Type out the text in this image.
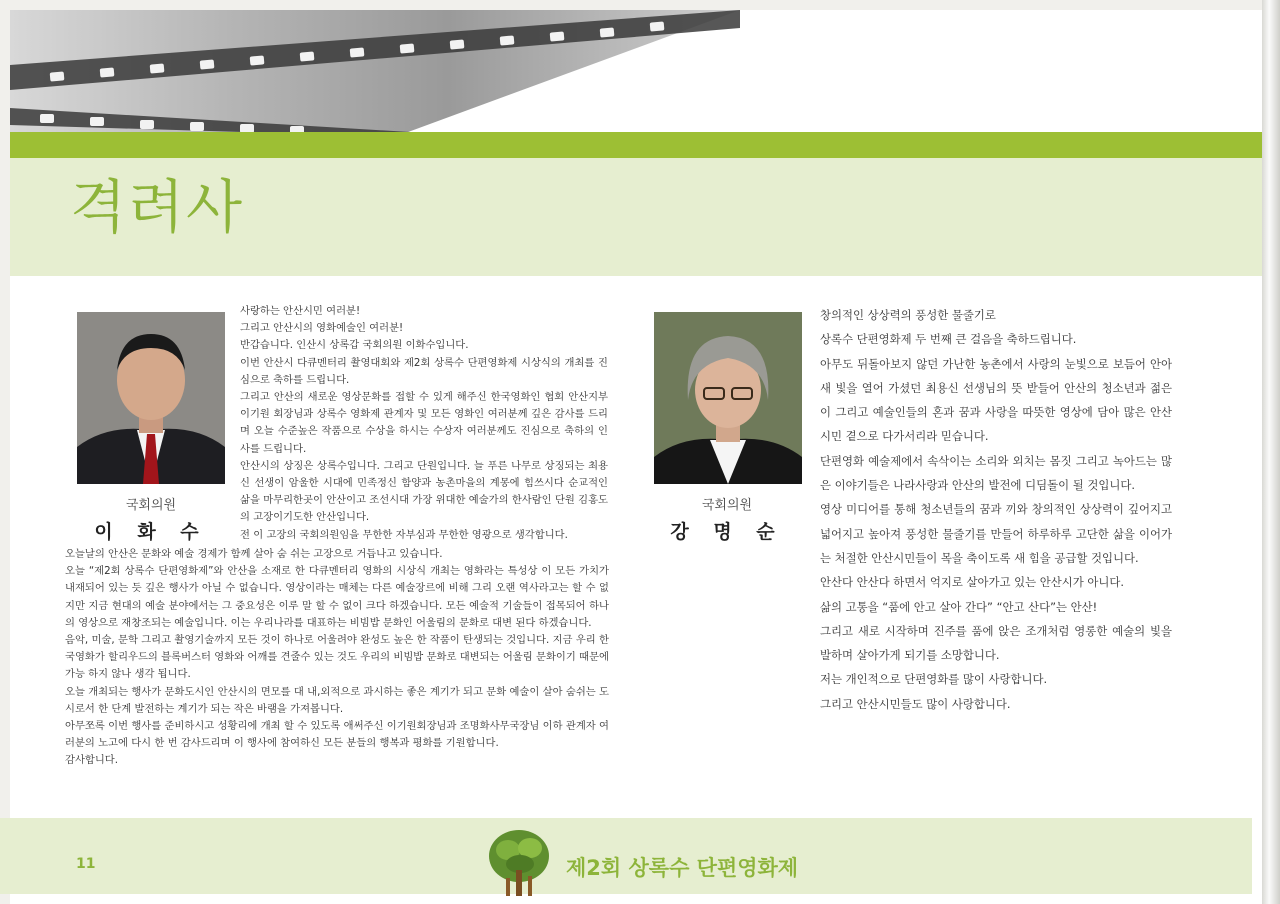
격려사
국회의원
이 화 수

사랑하는 안산시민 여러분!

그리고 안산시의 영화예술인 여러분!

반갑습니다. 인산시 상록갑 국회의원 이화수입니다.

이번 안산시 다큐멘터리 촬영대회와 제2회 상록수 단편영화제 시상식의 개최를 진심으로 축하를 드립니다.

그리고 안산의 새로운 영상문화를 접할 수 있게 해주신 한국영화인 협회 안산지부 이기원 회장님과 상록수 영화제 관계자 및 모든 영화인 여러분께 깊은 감사를 드리며 오늘 수준높은 작품으로 수상을 하시는 수상자 여러분께도 진심으로 축하의 인사를 드립니다.

안산시의 상징은 상록수입니다. 그리고 단원입니다. 늘 푸른 나무로 상징되는 최용신 선생이 암울한 시대에 민족정신 함양과 농촌마을의 계몽에 힘쓰시다 순교적인 삶을 마무리한곳이 안산이고 조선시대 가장 위대한 예술가의 한사람인 단원 김홍도의 고장이기도한 안산입니다.

전 이 고장의 국회의원임을 무한한 자부심과 무한한 영광으로 생각합니다.

오늘날의 안산은 문화와 예술 경제가 함께 살아 숨 쉬는 고장으로 거듭나고 있습니다.

오늘 “제2회 상록수 단편영화제”와 안산을 소재로 한 다큐멘터리 영화의 시상식 개최는 영화라는 특성상 이 모든 가치가 내재되어 있는 듯 깊은 행사가 아닐 수 없습니다. 영상이라는 매체는 다른 예술장르에 비해 그리 오랜 역사라고는 할 수 없지만 지금 현대의 예술 분야에서는 그 중요성은 이루 말 할 수 없이 크다 하겠습니다. 모든 예술적 기술들이 접목되어 하나의 영상으로 재창조되는 예술입니다. 이는 우리나라를 대표하는 비빔밥 문화인 어울림의 문화로 대변 된다 하겠습니다.

음악, 미술, 문학 그리고 촬영기술까지 모든 것이 하나로 어울려야 완성도 높은 한 작품이 탄생되는 것입니다. 지금 우리 한국영화가 할리우드의 블록버스터 영화와 어깨를 견줄수 있는 것도 우리의 비빔밥 문화로 대변되는 어울림 문화이기 때문에 가능 하지 않나 생각 됩니다.

오늘 개최되는 행사가 문화도시인 안산시의 면모를 대 내,외적으로 과시하는 좋은 계기가 되고 문화 예술이 살아 숨쉬는 도시로서 한 단계 발전하는 계기가 되는 작은 바램을 가져봅니다.

아무쪼록 이번 행사를 준비하시고 성황리에 개최 할 수 있도록 애써주신 이기원회장님과 조명화사무국장님 이하 관계자 여러분의 노고에 다시 한 번 감사드리며 이 행사에 참여하신 모든 분들의 행복과 평화를 기원합니다.

감사합니다.

국회의원
강 명 순

창의적인 상상력의 풍성한 물줄기로

상록수 단편영화제 두 번째 큰 걸음을 축하드립니다.

아무도 뒤돌아보지 않던 가난한 농촌에서 사랑의 눈빛으로 보듬어 안아 새 빛을 열어 가셨던 최용신 선생님의 뜻 받들어 안산의 청소년과 젊은이 그리고 예술인들의 혼과 꿈과 사랑을 따뜻한 영상에 담아 많은 안산시민 곁으로 다가서리라 믿습니다.

단편영화 예술제에서 속삭이는 소리와 외치는 몸짓 그리고 녹아드는 많은 이야기들은 나라사랑과 안산의 발전에 디딤돌이 될 것입니다.

영상 미디어를 통해 청소년들의 꿈과 끼와 창의적인 상상력이 깊어지고 넓어지고 높아져 풍성한 물줄기를 만들어 하루하루 고단한 삶을 이어가는 처절한 안산시민들이 목을 축이도록 새 힘을 공급할 것입니다.

안산다 안산다 하면서 억지로 살아가고 있는 안산시가 아니다.

삶의 고통을 “품에 안고 살아 간다” “안고 산다”는 안산!

그리고 새로 시작하며 진주를 품에 앉은 조개처럼 영롱한 예술의 빛을 발하며 살아가게 되기를 소망합니다.

저는 개인적으로 단편영화를 많이 사랑합니다.

그리고 안산시민들도 많이 사랑합니다.

11	제2회 상록수 단편영화제
